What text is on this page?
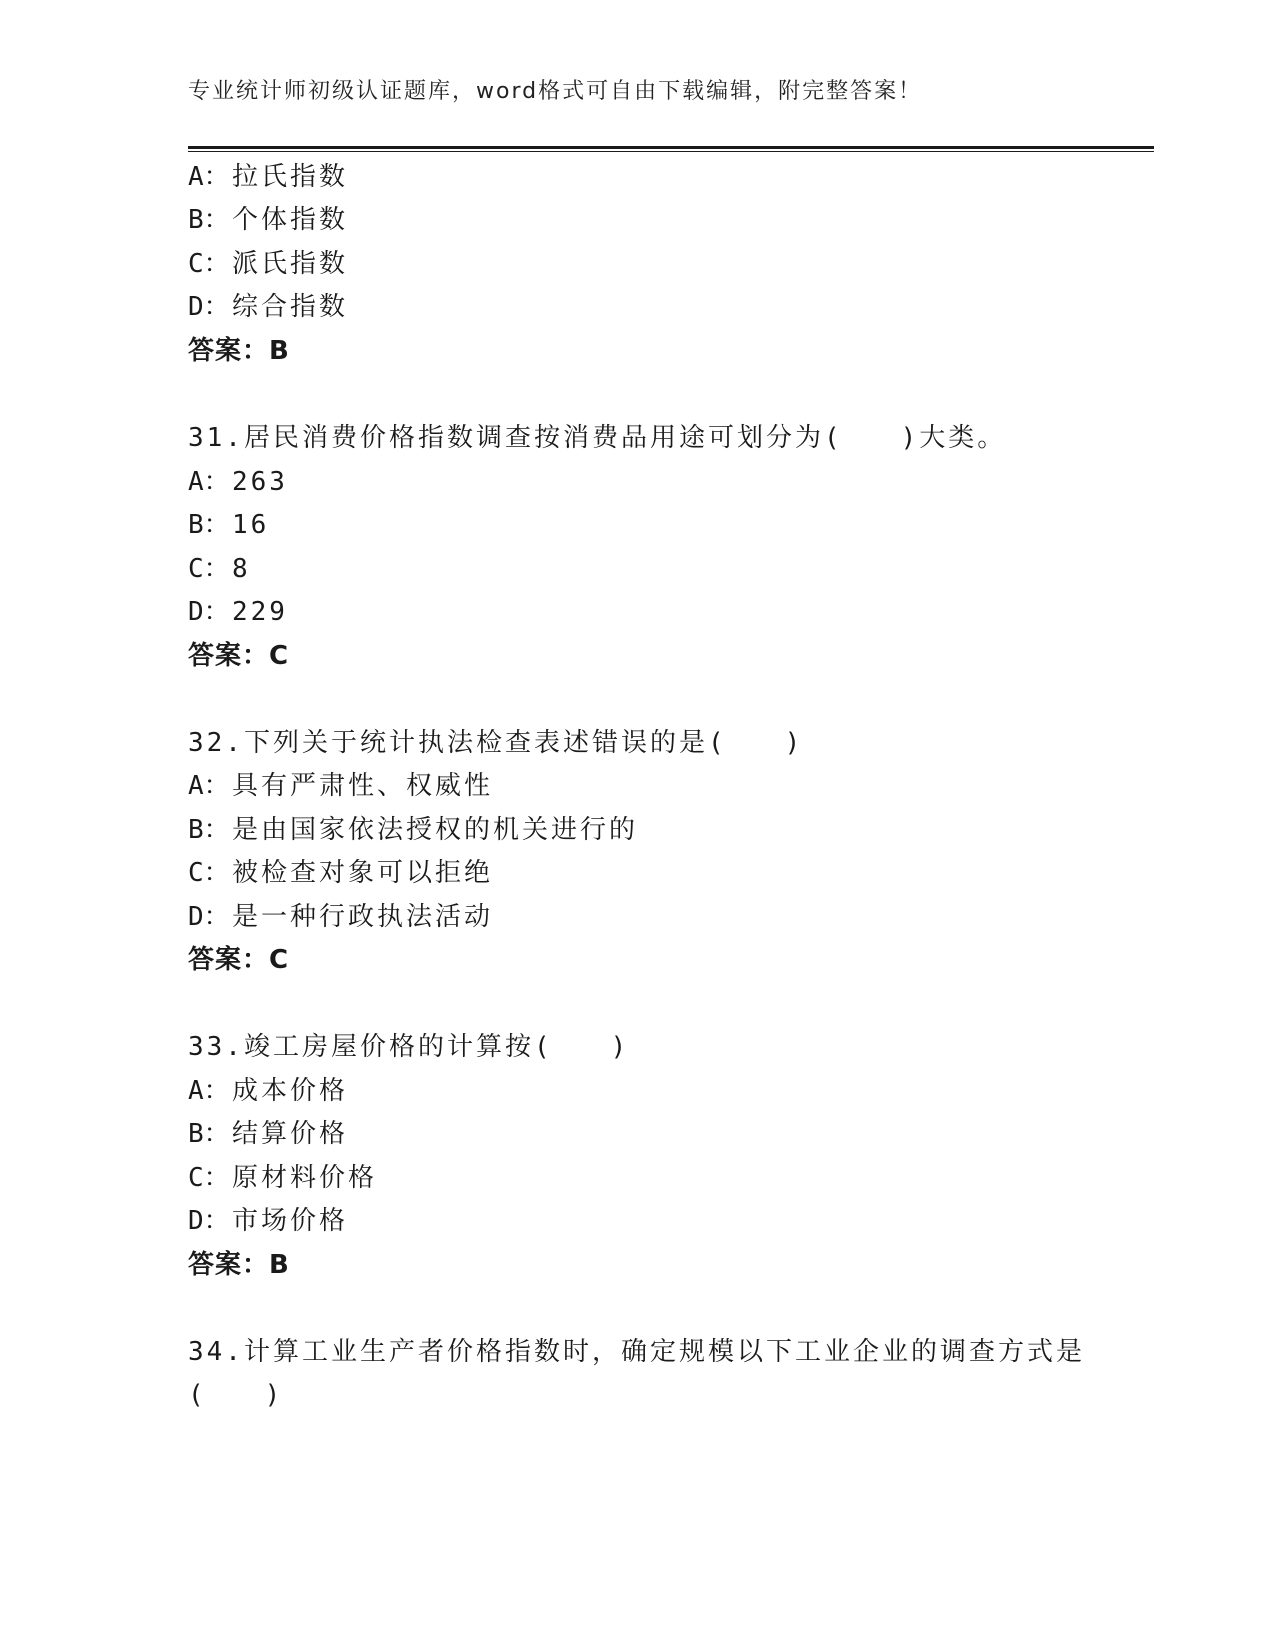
专业统计师初级认证题库，word格式可自由下载编辑，附完整答案！
A：拉氏指数
B：个体指数
C：派氏指数
D：综合指数
答案：B
31.居民消费价格指数调查按消费品用途可划分为(　　)大类。
A：263
B：16
C：8
D：229
答案：C
32.下列关于统计执法检查表述错误的是(　　)
A：具有严肃性、权威性
B：是由国家依法授权的机关进行的
C：被检查对象可以拒绝
D：是一种行政执法活动
答案：C
33.竣工房屋价格的计算按(　　)
A：成本价格
B：结算价格
C：原材料价格
D：市场价格
答案：B
34.计算工业生产者价格指数时，确定规模以下工业企业的调查方式是
(　　)
